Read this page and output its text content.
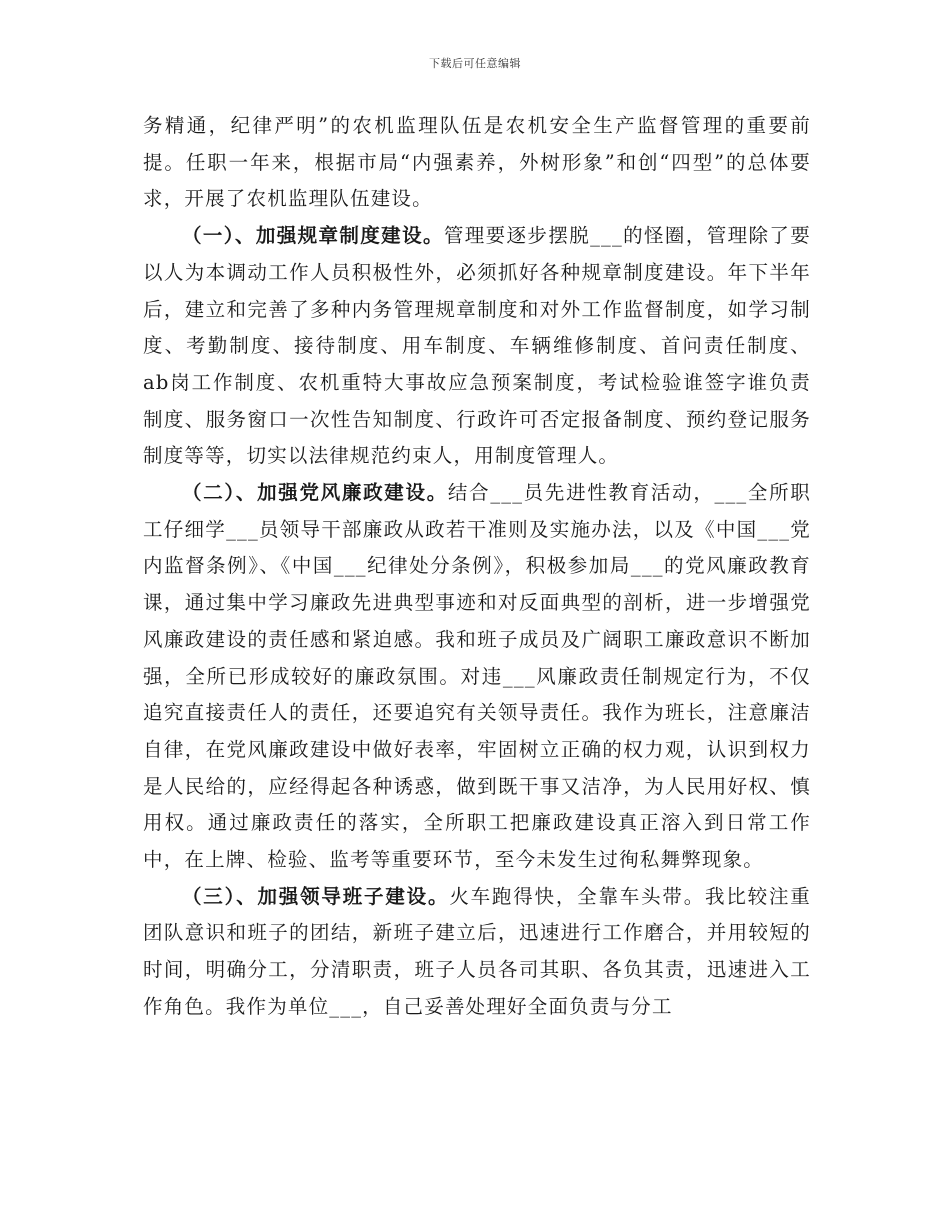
下载后可任意编辑

务精通，纪律严明”的农机监理队伍是农机安全生产监督管理的重要前提。任职一年来，根据市局“内强素养，外树形象”和创“四型”的总体要求，开展了农机监理队伍建设。

（一）、加强规章制度建设。管理要逐步摆脱___的怪圈，管理除了要以人为本调动工作人员积极性外，必须抓好各种规章制度建设。年下半年后，建立和完善了多种内务管理规章制度和对外工作监督制度，如学习制度、考勤制度、接待制度、用车制度、车辆维修制度、首问责任制度、ab岗工作制度、农机重特大事故应急预案制度，考试检验谁签字谁负责制度、服务窗口一次性告知制度、行政许可否定报备制度、预约登记服务制度等等，切实以法律规范约束人，用制度管理人。

（二）、加强党风廉政建设。结合___员先进性教育活动，___全所职工仔细学___员领导干部廉政从政若干准则及实施办法，以及《中国___党内监督条例》、《中国___纪律处分条例》，积极参加局___的党风廉政教育课，通过集中学习廉政先进典型事迹和对反面典型的剖析，进一步增强党风廉政建设的责任感和紧迫感。我和班子成员及广阔职工廉政意识不断加强，全所已形成较好的廉政氛围。对违___风廉政责任制规定行为，不仅追究直接责任人的责任，还要追究有关领导责任。我作为班长，注意廉洁自律，在党风廉政建设中做好表率，牢固树立正确的权力观，认识到权力是人民给的，应经得起各种诱惑，做到既干事又洁净，为人民用好权、慎用权。通过廉政责任的落实，全所职工把廉政建设真正溶入到日常工作中，在上牌、检验、监考等重要环节，至今未发生过徇私舞弊现象。

（三）、加强领导班子建设。火车跑得快，全靠车头带。我比较注重团队意识和班子的团结，新班子建立后，迅速进行工作磨合，并用较短的时间，明确分工，分清职责，班子人员各司其职、各负其责，迅速进入工作角色。我作为单位___，自己妥善处理好全面负责与分工
